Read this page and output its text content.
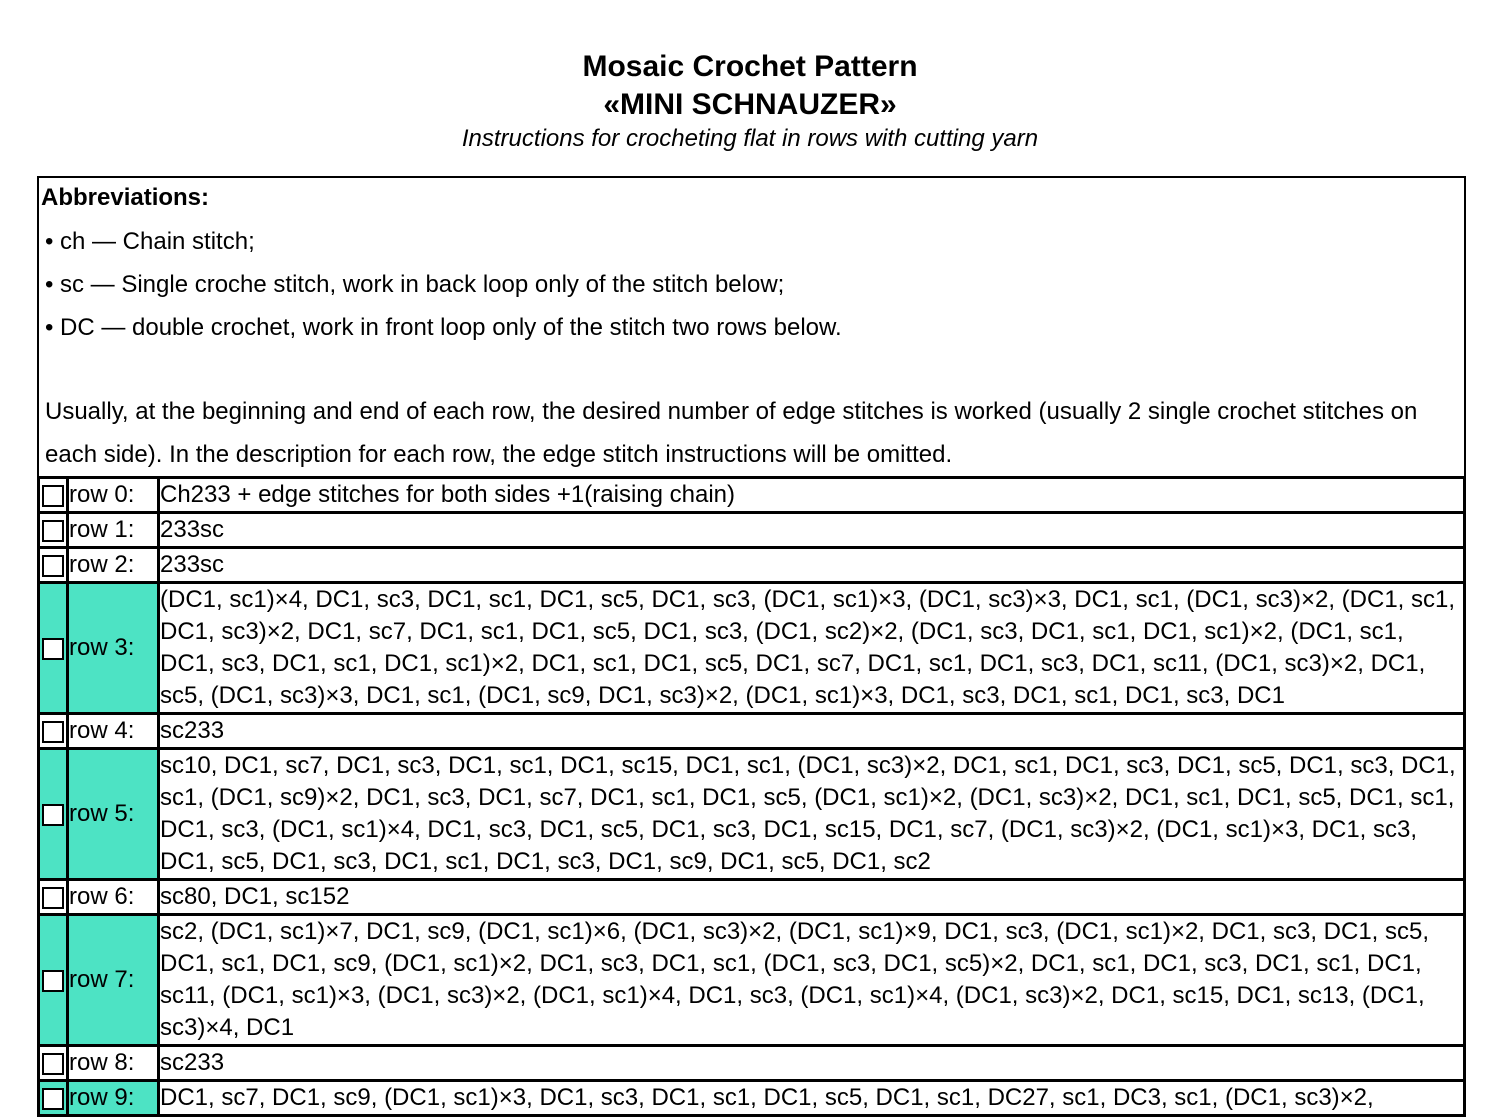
Mosaic Crochet Pattern
«MINI SCHNAUZER»

Instructions for crocheting flat in rows with cutting yarn

Abbreviations:
• ch — Chain stitch;
• sc — Single croche stitch, work in back loop only of the stitch below;
• DC — double crochet, work in front loop only of the stitch two rows below.
Usually, at the beginning and end of each row, the desired number of edge stitches is worked (usually 2 single crochet stitches on each side). In the description for each row, the edge stitch instructions will be omitted.
	row 0:	Ch233 + edge stitches for both sides +1(raising chain)
	row 1:	233sc
	row 2:	233sc
	row 3:	(DC1, sc1)×4, DC1, sc3, DC1, sc1, DC1, sc5, DC1, sc3, (DC1, sc1)×3, (DC1, sc3)×3, DC1, sc1, (DC1, sc3)×2, (DC1, sc1, DC1, sc3)×2, DC1, sc7, DC1, sc1, DC1, sc5, DC1, sc3, (DC1, sc2)×2, (DC1, sc3, DC1, sc1, DC1, sc1)×2, (DC1, sc1, DC1, sc3, DC1, sc1, DC1, sc1)×2, DC1, sc1, DC1, sc5, DC1, sc7, DC1, sc1, DC1, sc3, DC1, sc11, (DC1, sc3)×2, DC1, sc5, (DC1, sc3)×3, DC1, sc1, (DC1, sc9, DC1, sc3)×2, (DC1, sc1)×3, DC1, sc3, DC1, sc1, DC1, sc3, DC1
	row 4:	sc233
	row 5:	sc10, DC1, sc7, DC1, sc3, DC1, sc1, DC1, sc15, DC1, sc1, (DC1, sc3)×2, DC1, sc1, DC1, sc3, DC1, sc5, DC1, sc3, DC1, sc1, (DC1, sc9)×2, DC1, sc3, DC1, sc7, DC1, sc1, DC1, sc5, (DC1, sc1)×2, (DC1, sc3)×2, DC1, sc1, DC1, sc5, DC1, sc1, DC1, sc3, (DC1, sc1)×4, DC1, sc3, DC1, sc5, DC1, sc3, DC1, sc15, DC1, sc7, (DC1, sc3)×2, (DC1, sc1)×3, DC1, sc3, DC1, sc5, DC1, sc3, DC1, sc1, DC1, sc3, DC1, sc9, DC1, sc5, DC1, sc2
	row 6:	sc80, DC1, sc152
	row 7:	sc2, (DC1, sc1)×7, DC1, sc9, (DC1, sc1)×6, (DC1, sc3)×2, (DC1, sc1)×9, DC1, sc3, (DC1, sc1)×2, DC1, sc3, DC1, sc5, DC1, sc1, DC1, sc9, (DC1, sc1)×2, DC1, sc3, DC1, sc1, (DC1, sc3, DC1, sc5)×2, DC1, sc1, DC1, sc3, DC1, sc1, DC1, sc11, (DC1, sc1)×3, (DC1, sc3)×2, (DC1, sc1)×4, DC1, sc3, (DC1, sc1)×4, (DC1, sc3)×2, DC1, sc15, DC1, sc13, (DC1, sc3)×4, DC1
	row 8:	sc233
	row 9:	DC1, sc7, DC1, sc9, (DC1, sc1)×3, DC1, sc3, DC1, sc1, DC1, sc5, DC1, sc1, DC27, sc1, DC3, sc1, (DC1, sc3)×2,
